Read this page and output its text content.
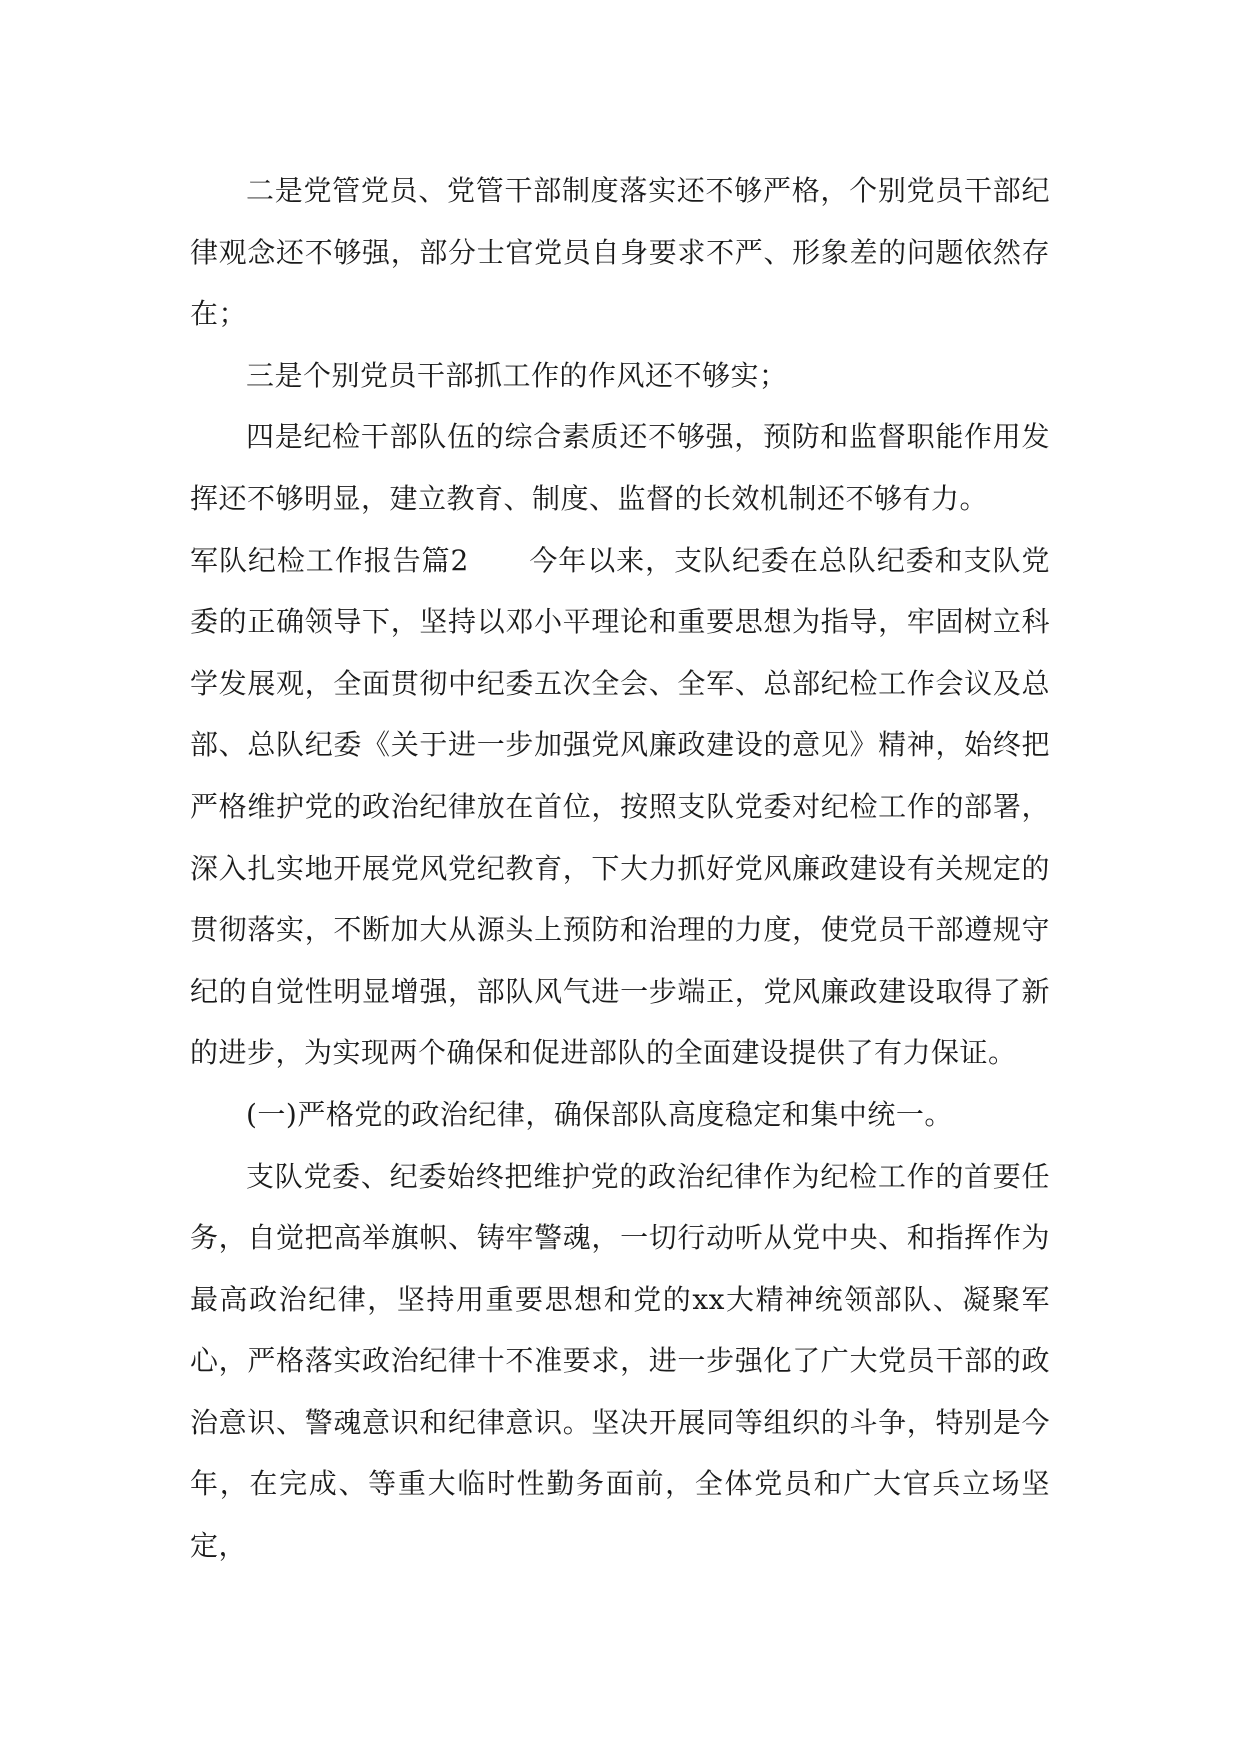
二是党管党员、党管干部制度落实还不够严格，个别党员干部纪律观念还不够强，部分士官党员自身要求不严、形象差的问题依然存在；

三是个别党员干部抓工作的作风还不够实；

四是纪检干部队伍的综合素质还不够强，预防和监督职能作用发挥还不够明显，建立教育、制度、监督的长效机制还不够有力。

军队纪检工作报告篇2 今年以来，支队纪委在总队纪委和支队党委的正确领导下，坚持以邓小平理论和重要思想为指导，牢固树立科学发展观，全面贯彻中纪委五次全会、全军、总部纪检工作会议及总部、总队纪委《关于进一步加强党风廉政建设的意见》精神，始终把严格维护党的政治纪律放在首位，按照支队党委对纪检工作的部署，深入扎实地开展党风党纪教育，下大力抓好党风廉政建设有关规定的贯彻落实，不断加大从源头上预防和治理的力度，使党员干部遵规守纪的自觉性明显增强，部队风气进一步端正，党风廉政建设取得了新的进步，为实现两个确保和促进部队的全面建设提供了有力保证。

(一)严格党的政治纪律，确保部队高度稳定和集中统一。

支队党委、纪委始终把维护党的政治纪律作为纪检工作的首要任务，自觉把高举旗帜、铸牢警魂，一切行动听从党中央、和指挥作为最高政治纪律，坚持用重要思想和党的xx大精神统领部队、凝聚军心，严格落实政治纪律十不准要求，进一步强化了广大党员干部的政治意识、警魂意识和纪律意识。坚决开展同等组织的斗争，特别是今年，在完成、等重大临时性勤务面前，全体党员和广大官兵立场坚定，
